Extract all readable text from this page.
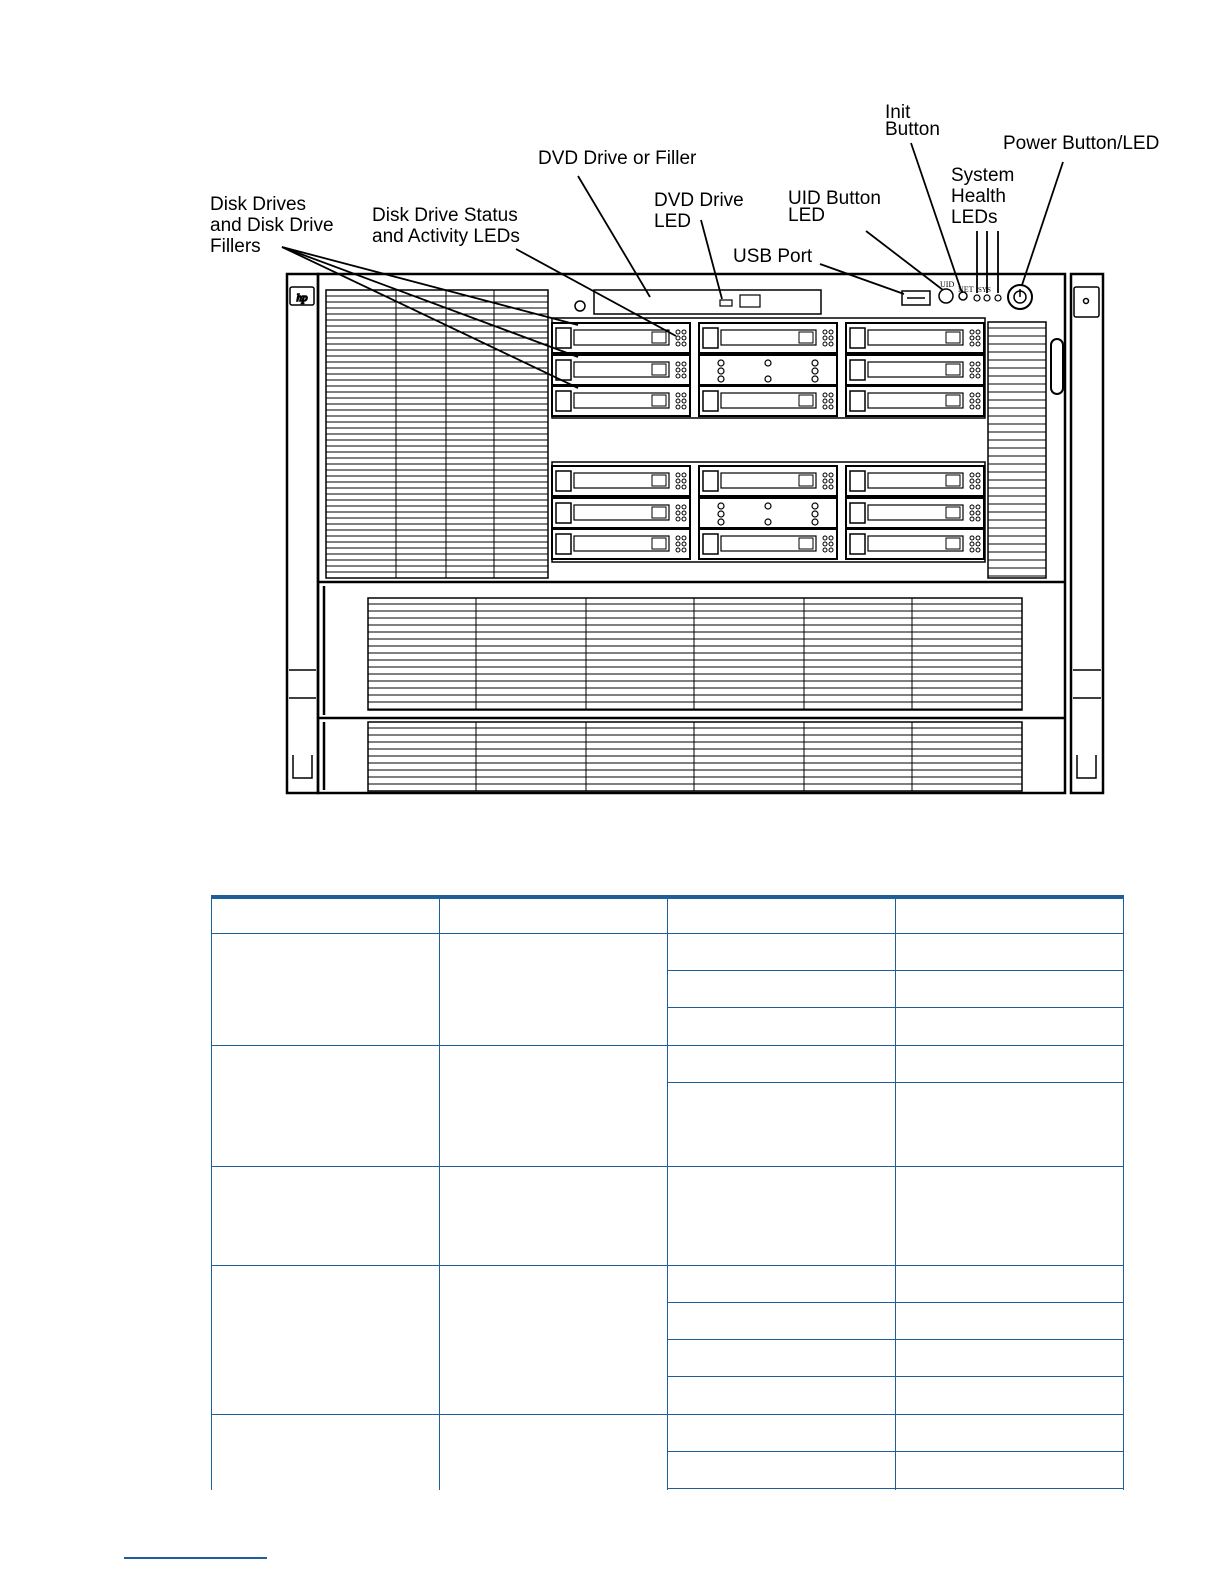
hp
UID
NET SYS
Disk Drives
and Disk Drive
Fillers
Disk Drive Status
and Activity LEDs
DVD Drive or Filler
DVD Drive
LED
USB Port
UID Button
LED
Init
Button
System
Health
LEDs
Power Button/LED
